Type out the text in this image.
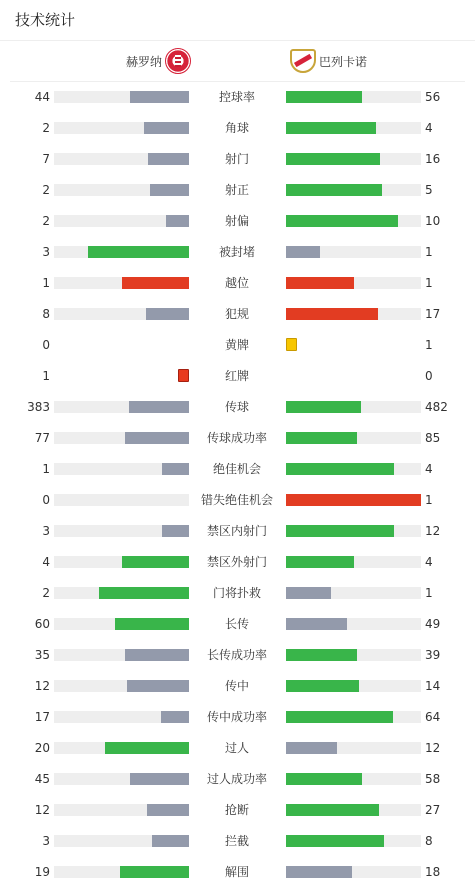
技术统计
赫罗纳	巴列卡诺
44	控球率	56
2	角球	4
7	射门	16
2	射正	5
2	射偏	10
3	被封堵	1
1	越位	1
8	犯规	17
0	黄牌	1
1	红牌	0
383	传球	482
77	传球成功率	85
1	绝佳机会	4
0	错失绝佳机会	1
3	禁区内射门	12
4	禁区外射门	4
2	门将扑救	1
60	长传	49
35	长传成功率	39
12	传中	14
17	传中成功率	64
20	过人	12
45	过人成功率	58
12	抢断	27
3	拦截	8
19	解围	18
